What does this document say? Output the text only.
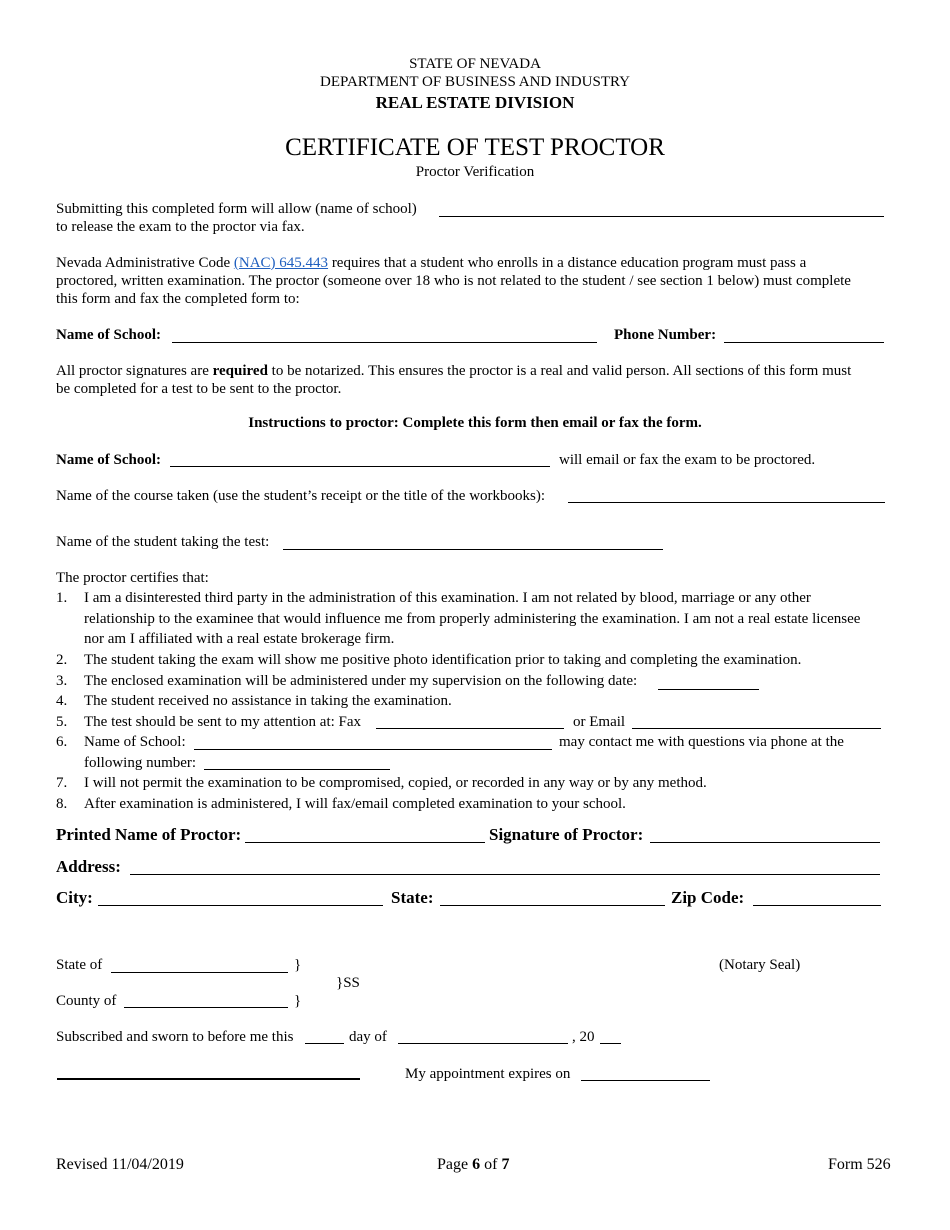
STATE OF NEVADA
DEPARTMENT OF BUSINESS AND INDUSTRY
REAL ESTATE DIVISION
CERTIFICATE OF TEST PROCTOR
Proctor Verification
Submitting this completed form will allow (name of school)
to release the exam to the proctor via fax.
Nevada Administrative Code (NAC) 645.443 requires that a student who enrolls in a distance education program must pass a
proctored, written examination. The proctor (someone over 18 who is not related to the student / see section 1 below) must complete
this form and fax the completed form to:
Name of School:	Phone Number:
All proctor signatures are required to be notarized. This ensures the proctor is a real and valid person. All sections of this form must
be completed for a test to be sent to the proctor.
Instructions to proctor: Complete this form then email or fax the form.
Name of School:	will email or fax the exam to be proctored.
Name of the course taken (use the student’s receipt or the title of the workbooks):
Name of the student taking the test:
The proctor certifies that:
1. I am a disinterested third party in the administration of this examination. I am not related by blood, marriage or any other
relationship to the examinee that would influence me from properly administering the examination. I am not a real estate licensee
nor am I affiliated with a real estate brokerage firm.
2. The student taking the exam will show me positive photo identification prior to taking and completing the examination.
3. The enclosed examination will be administered under my supervision on the following date:
4. The student received no assistance in taking the examination.
5. The test should be sent to my attention at: Fax	or Email
6. Name of School:	may contact me with questions via phone at the
following number:
7. I will not permit the examination to be compromised, copied, or recorded in any way or by any method.
8. After examination is administered, I will fax/email completed examination to your school.
Printed Name of Proctor:	Signature of Proctor:
Address:
City:	State:	Zip Code:
State of	}
}SS
(Notary Seal)
County of	}
Subscribed and sworn to before me this	day of	, 20
My appointment expires on
Revised 11/04/2019	Page 6 of 7	Form 526
